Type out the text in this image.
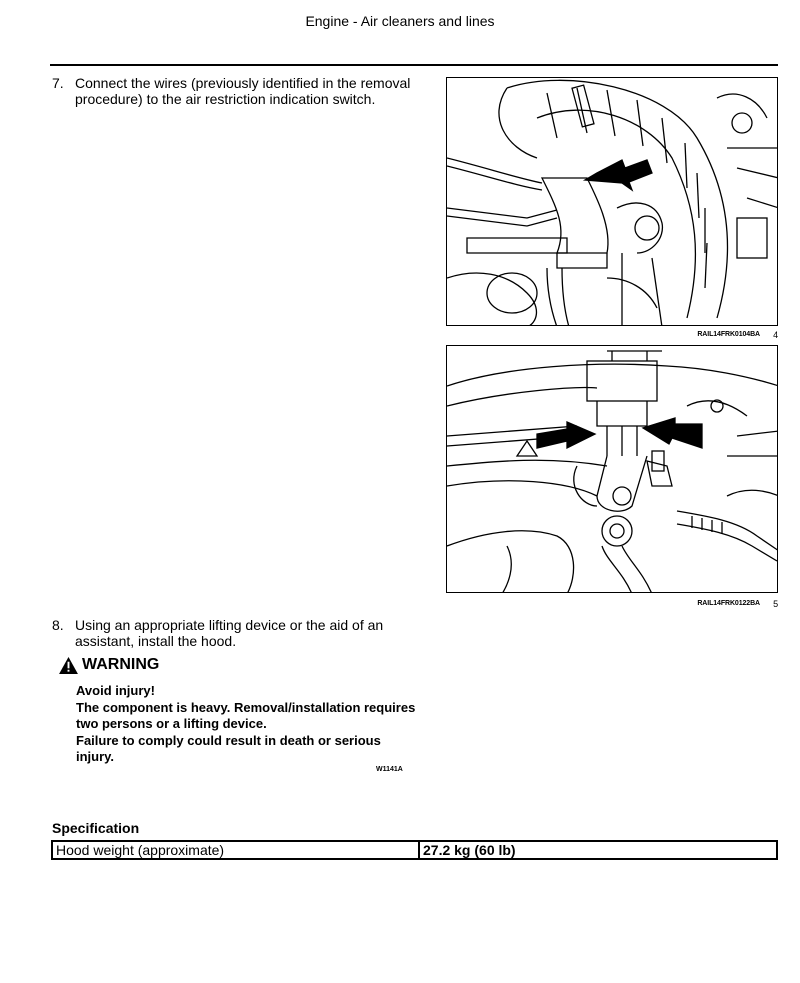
Engine - Air cleaners and lines
7. Connect the wires (previously identified in the removal procedure) to the air restriction indication switch.
RAIL14FRK0104BA 4
RAIL14FRK0122BA 5
8. Using an appropriate lifting device or the aid of an assistant, install the hood.
WARNING

Avoid injury!

The component is heavy. Removal/installation requires two persons or a lifting device.

Failure to comply could result in death or serious injury.

W1141A
Specification
Hood weight (approximate)	27.2 kg (60 lb)
